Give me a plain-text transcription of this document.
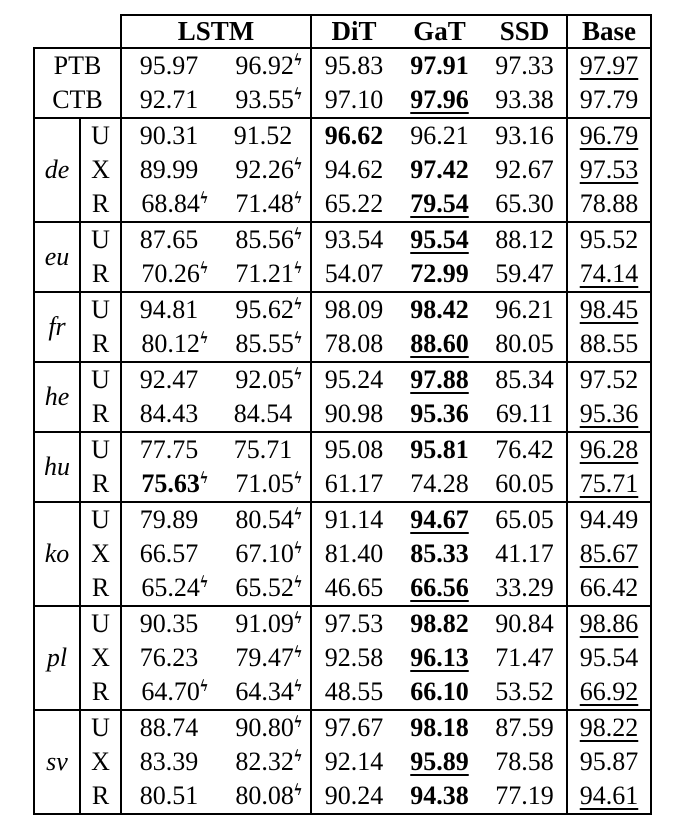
		LSTM		DiT	GaT	SSD	Base
PTB		95.97	96.92ϟ	95.83	97.91	97.33	97.97
CTB		92.71	93.55ϟ	97.10	97.96	93.38	97.79
de	U	90.31	91.52	96.62	96.21	93.16	96.79
	X	89.99	92.26ϟ	94.62	97.42	92.67	97.53
	R	68.84ϟ	71.48ϟ	65.22	79.54	65.30	78.88
eu	U	87.65	85.56ϟ	93.54	95.54	88.12	95.52
	R	70.26ϟ	71.21ϟ	54.07	72.99	59.47	74.14
fr	U	94.81	95.62ϟ	98.09	98.42	96.21	98.45
	R	80.12ϟ	85.55ϟ	78.08	88.60	80.05	88.55
he	U	92.47	92.05ϟ	95.24	97.88	85.34	97.52
	R	84.43	84.54	90.98	95.36	69.11	95.36
hu	U	77.75	75.71	95.08	95.81	76.42	96.28
	R	75.63ϟ	71.05ϟ	61.17	74.28	60.05	75.71
ko	U	79.89	80.54ϟ	91.14	94.67	65.05	94.49
	X	66.57	67.10ϟ	81.40	85.33	41.17	85.67
	R	65.24ϟ	65.52ϟ	46.65	66.56	33.29	66.42
pl	U	90.35	91.09ϟ	97.53	98.82	90.84	98.86
	X	76.23	79.47ϟ	92.58	96.13	71.47	95.54
	R	64.70ϟ	64.34ϟ	48.55	66.10	53.52	66.92
sv	U	88.74	90.80ϟ	97.67	98.18	87.59	98.22
	X	83.39	82.32ϟ	92.14	95.89	78.58	95.87
	R	80.51	80.08ϟ	90.24	94.38	77.19	94.61
